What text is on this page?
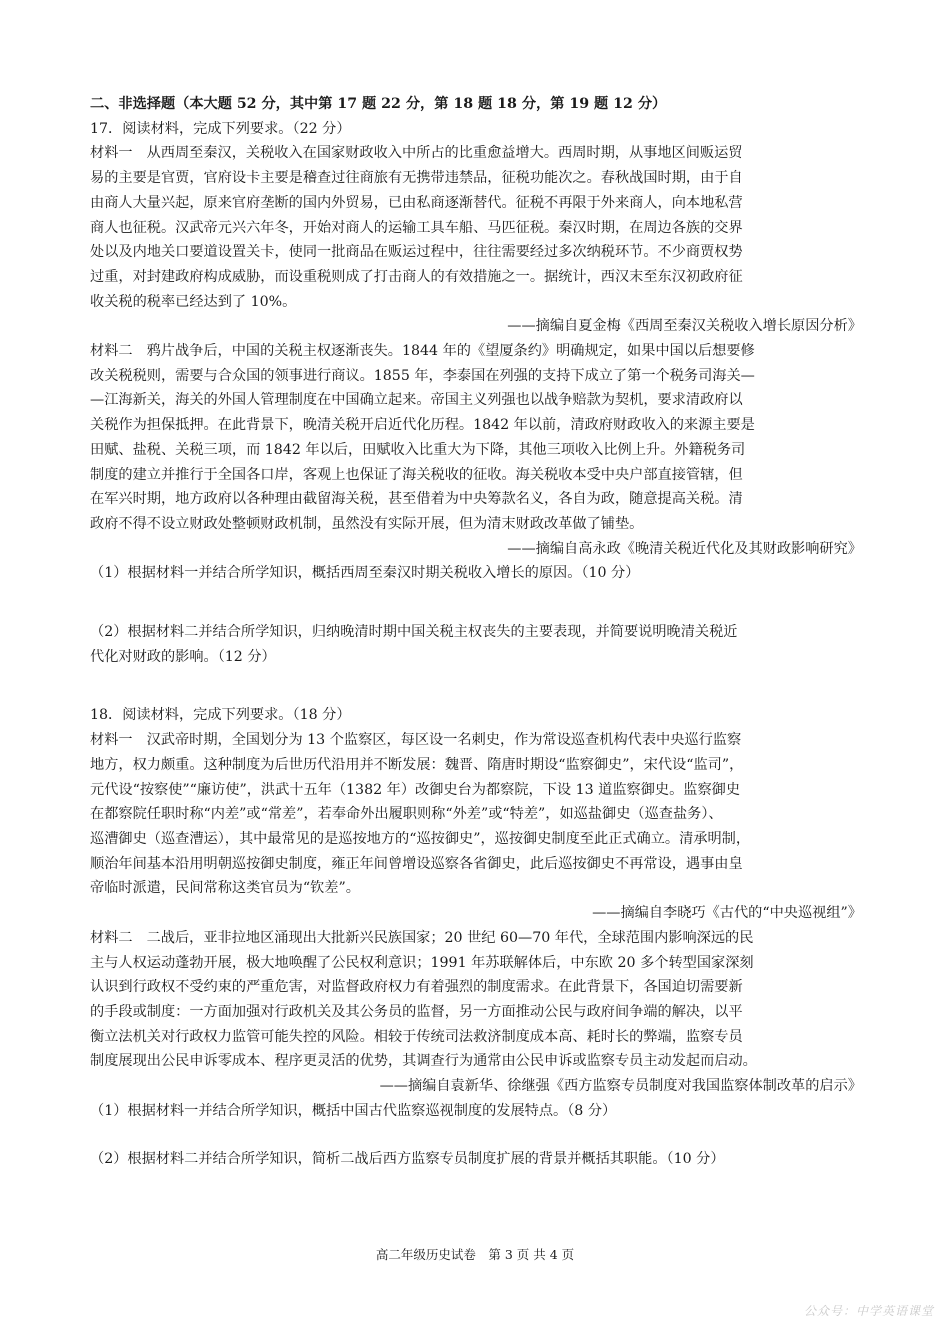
二、非选择题（本大题 52 分，其中第 17 题 22 分，第 18 题 18 分，第 19 题 12 分）

17．阅读材料，完成下列要求。（22 分）

材料一 从西周至秦汉，关税收入在国家财政收入中所占的比重愈益增大。西周时期，从事地区间贩运贸

易的主要是官贾，官府设卡主要是稽查过往商旅有无携带违禁品，征税功能次之。春秋战国时期，由于自

由商人大量兴起，原来官府垄断的国内外贸易，已由私商逐渐替代。征税不再限于外来商人，向本地私营

商人也征税。汉武帝元兴六年冬，开始对商人的运输工具车船、马匹征税。秦汉时期，在周边各族的交界

处以及内地关口要道设置关卡，使同一批商品在贩运过程中，往往需要经过多次纳税环节。不少商贾权势

过重，对封建政府构成威胁，而设重税则成了打击商人的有效措施之一。据统计，西汉末至东汉初政府征

收关税的税率已经达到了 10%。

——摘编自夏金梅《西周至秦汉关税收入增长原因分析》

材料二 鸦片战争后，中国的关税主权逐渐丧失。1844 年的《望厦条约》明确规定，如果中国以后想要修

改关税税则，需要与合众国的领事进行商议。1855 年，李泰国在列强的支持下成立了第一个税务司海关—

—江海新关，海关的外国人管理制度在中国确立起来。帝国主义列强也以战争赔款为契机，要求清政府以

关税作为担保抵押。在此背景下，晚清关税开启近代化历程。1842 年以前，清政府财政收入的来源主要是

田赋、盐税、关税三项，而 1842 年以后，田赋收入比重大为下降，其他三项收入比例上升。外籍税务司

制度的建立并推行于全国各口岸，客观上也保证了海关税收的征收。海关税收本受中央户部直接管辖，但

在军兴时期，地方政府以各种理由截留海关税，甚至借着为中央筹款名义，各自为政，随意提高关税。清

政府不得不设立财政处整顿财政机制，虽然没有实际开展，但为清末财政改革做了铺垫。

——摘编自高永政《晚清关税近代化及其财政影响研究》

（1）根据材料一并结合所学知识，概括西周至秦汉时期关税收入增长的原因。（10 分）

（2）根据材料二并结合所学知识，归纳晚清时期中国关税主权丧失的主要表现，并简要说明晚清关税近

代化对财政的影响。（12 分）

18．阅读材料，完成下列要求。（18 分）

材料一 汉武帝时期，全国划分为 13 个监察区，每区设一名刺史，作为常设巡查机构代表中央巡行监察

地方，权力颇重。这种制度为后世历代沿用并不断发展：魏晋、隋唐时期设“监察御史”，宋代设“监司”，

元代设“按察使”“廉访使”，洪武十五年（1382 年）改御史台为都察院，下设 13 道监察御史。监察御史

在都察院任职时称“内差”或“常差”，若奉命外出履职则称“外差”或“特差”，如巡盐御史（巡查盐务）、

巡漕御史（巡查漕运），其中最常见的是巡按地方的“巡按御史”，巡按御史制度至此正式确立。清承明制，

顺治年间基本沿用明朝巡按御史制度，雍正年间曾增设巡察各省御史，此后巡按御史不再常设，遇事由皇

帝临时派遣，民间常称这类官员为“钦差”。

——摘编自李晓巧《古代的“中央巡视组”》

材料二 二战后，亚非拉地区涌现出大批新兴民族国家；20 世纪 60—70 年代，全球范围内影响深远的民

主与人权运动蓬勃开展，极大地唤醒了公民权利意识；1991 年苏联解体后，中东欧 20 多个转型国家深刻

认识到行政权不受约束的严重危害，对监督政府权力有着强烈的制度需求。在此背景下，各国迫切需要新

的手段或制度：一方面加强对行政机关及其公务员的监督，另一方面推动公民与政府间争端的解决，以平

衡立法机关对行政权力监管可能失控的风险。相较于传统司法救济制度成本高、耗时长的弊端，监察专员

制度展现出公民申诉零成本、程序更灵活的优势，其调查行为通常由公民申诉或监察专员主动发起而启动。

——摘编自袁新华、徐继强《西方监察专员制度对我国监察体制改革的启示》

（1）根据材料一并结合所学知识，概括中国古代监察巡视制度的发展特点。（8 分）

（2）根据材料二并结合所学知识，简析二战后西方监察专员制度扩展的背景并概括其职能。（10 分）

高二年级历史试卷　第 3 页 共 4 页
公众号：中学英语课堂
